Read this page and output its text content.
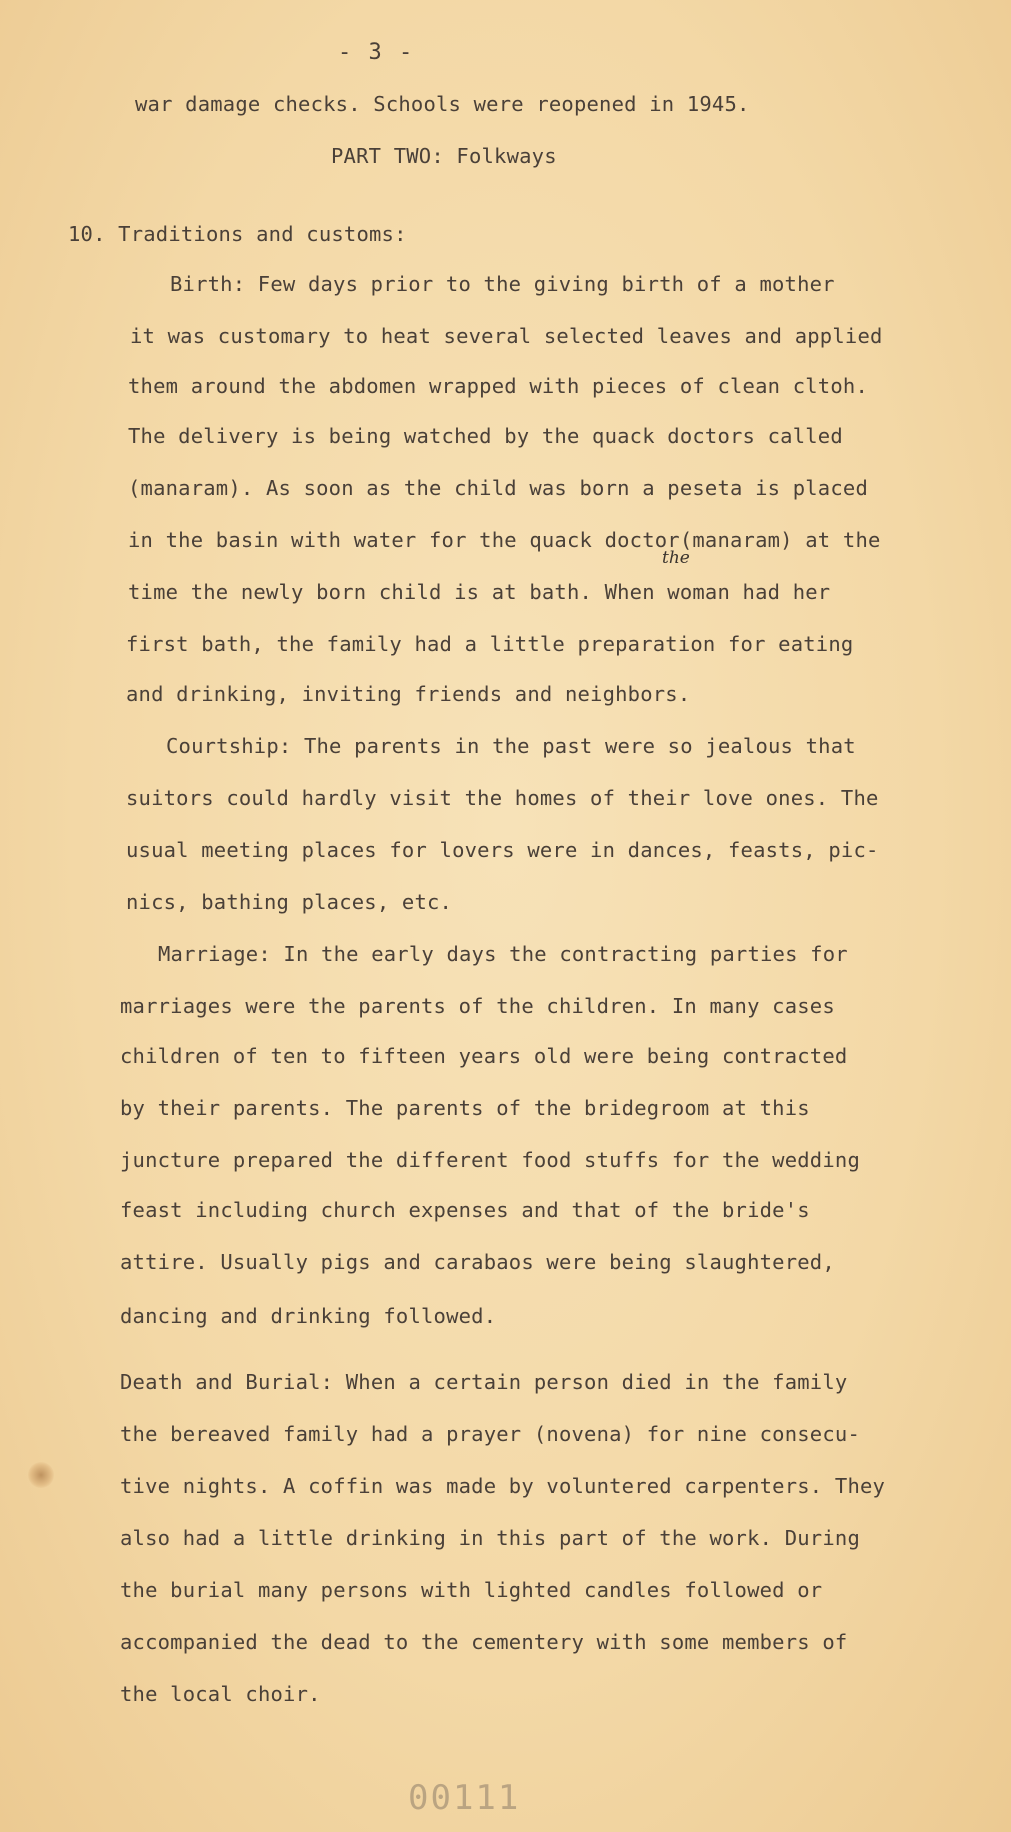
- 3 -
war damage checks. Schools were reopened in 1945.
PART TWO: Folkways
10. Traditions and customs:
Birth: Few days prior to the giving birth of a mother
it was customary to heat several selected leaves and applied
them around the abdomen wrapped with pieces of clean cltoh.
The delivery is being watched by the quack doctors called
(manaram). As soon as the child was born a peseta is placed
in the basin with water for the quack doctor(manaram) at the
time the newly born child is at bath. When woman had her
first bath, the family had a little preparation for eating
and drinking, inviting friends and neighbors.
the
Courtship: The parents in the past were so jealous that
suitors could hardly visit the homes of their love ones. The
usual meeting places for lovers were in dances, feasts, pic-
nics, bathing places, etc.
Marriage: In the early days the contracting parties for
marriages were the parents of the children. In many cases
children of ten to fifteen years old were being contracted
by their parents. The parents of the bridegroom at this
juncture prepared the different food stuffs for the wedding
feast including church expenses and that of the bride's
attire. Usually pigs and carabaos were being slaughtered,
dancing and drinking followed.
Death and Burial: When a certain person died in the family
the bereaved family had a prayer (novena) for nine consecu-
tive nights. A coffin was made by voluntered carpenters. They
also had a little drinking in this part of the work. During
the burial many persons with lighted candles followed or
accompanied the dead to the cementery with some members of
the local choir.
00111
